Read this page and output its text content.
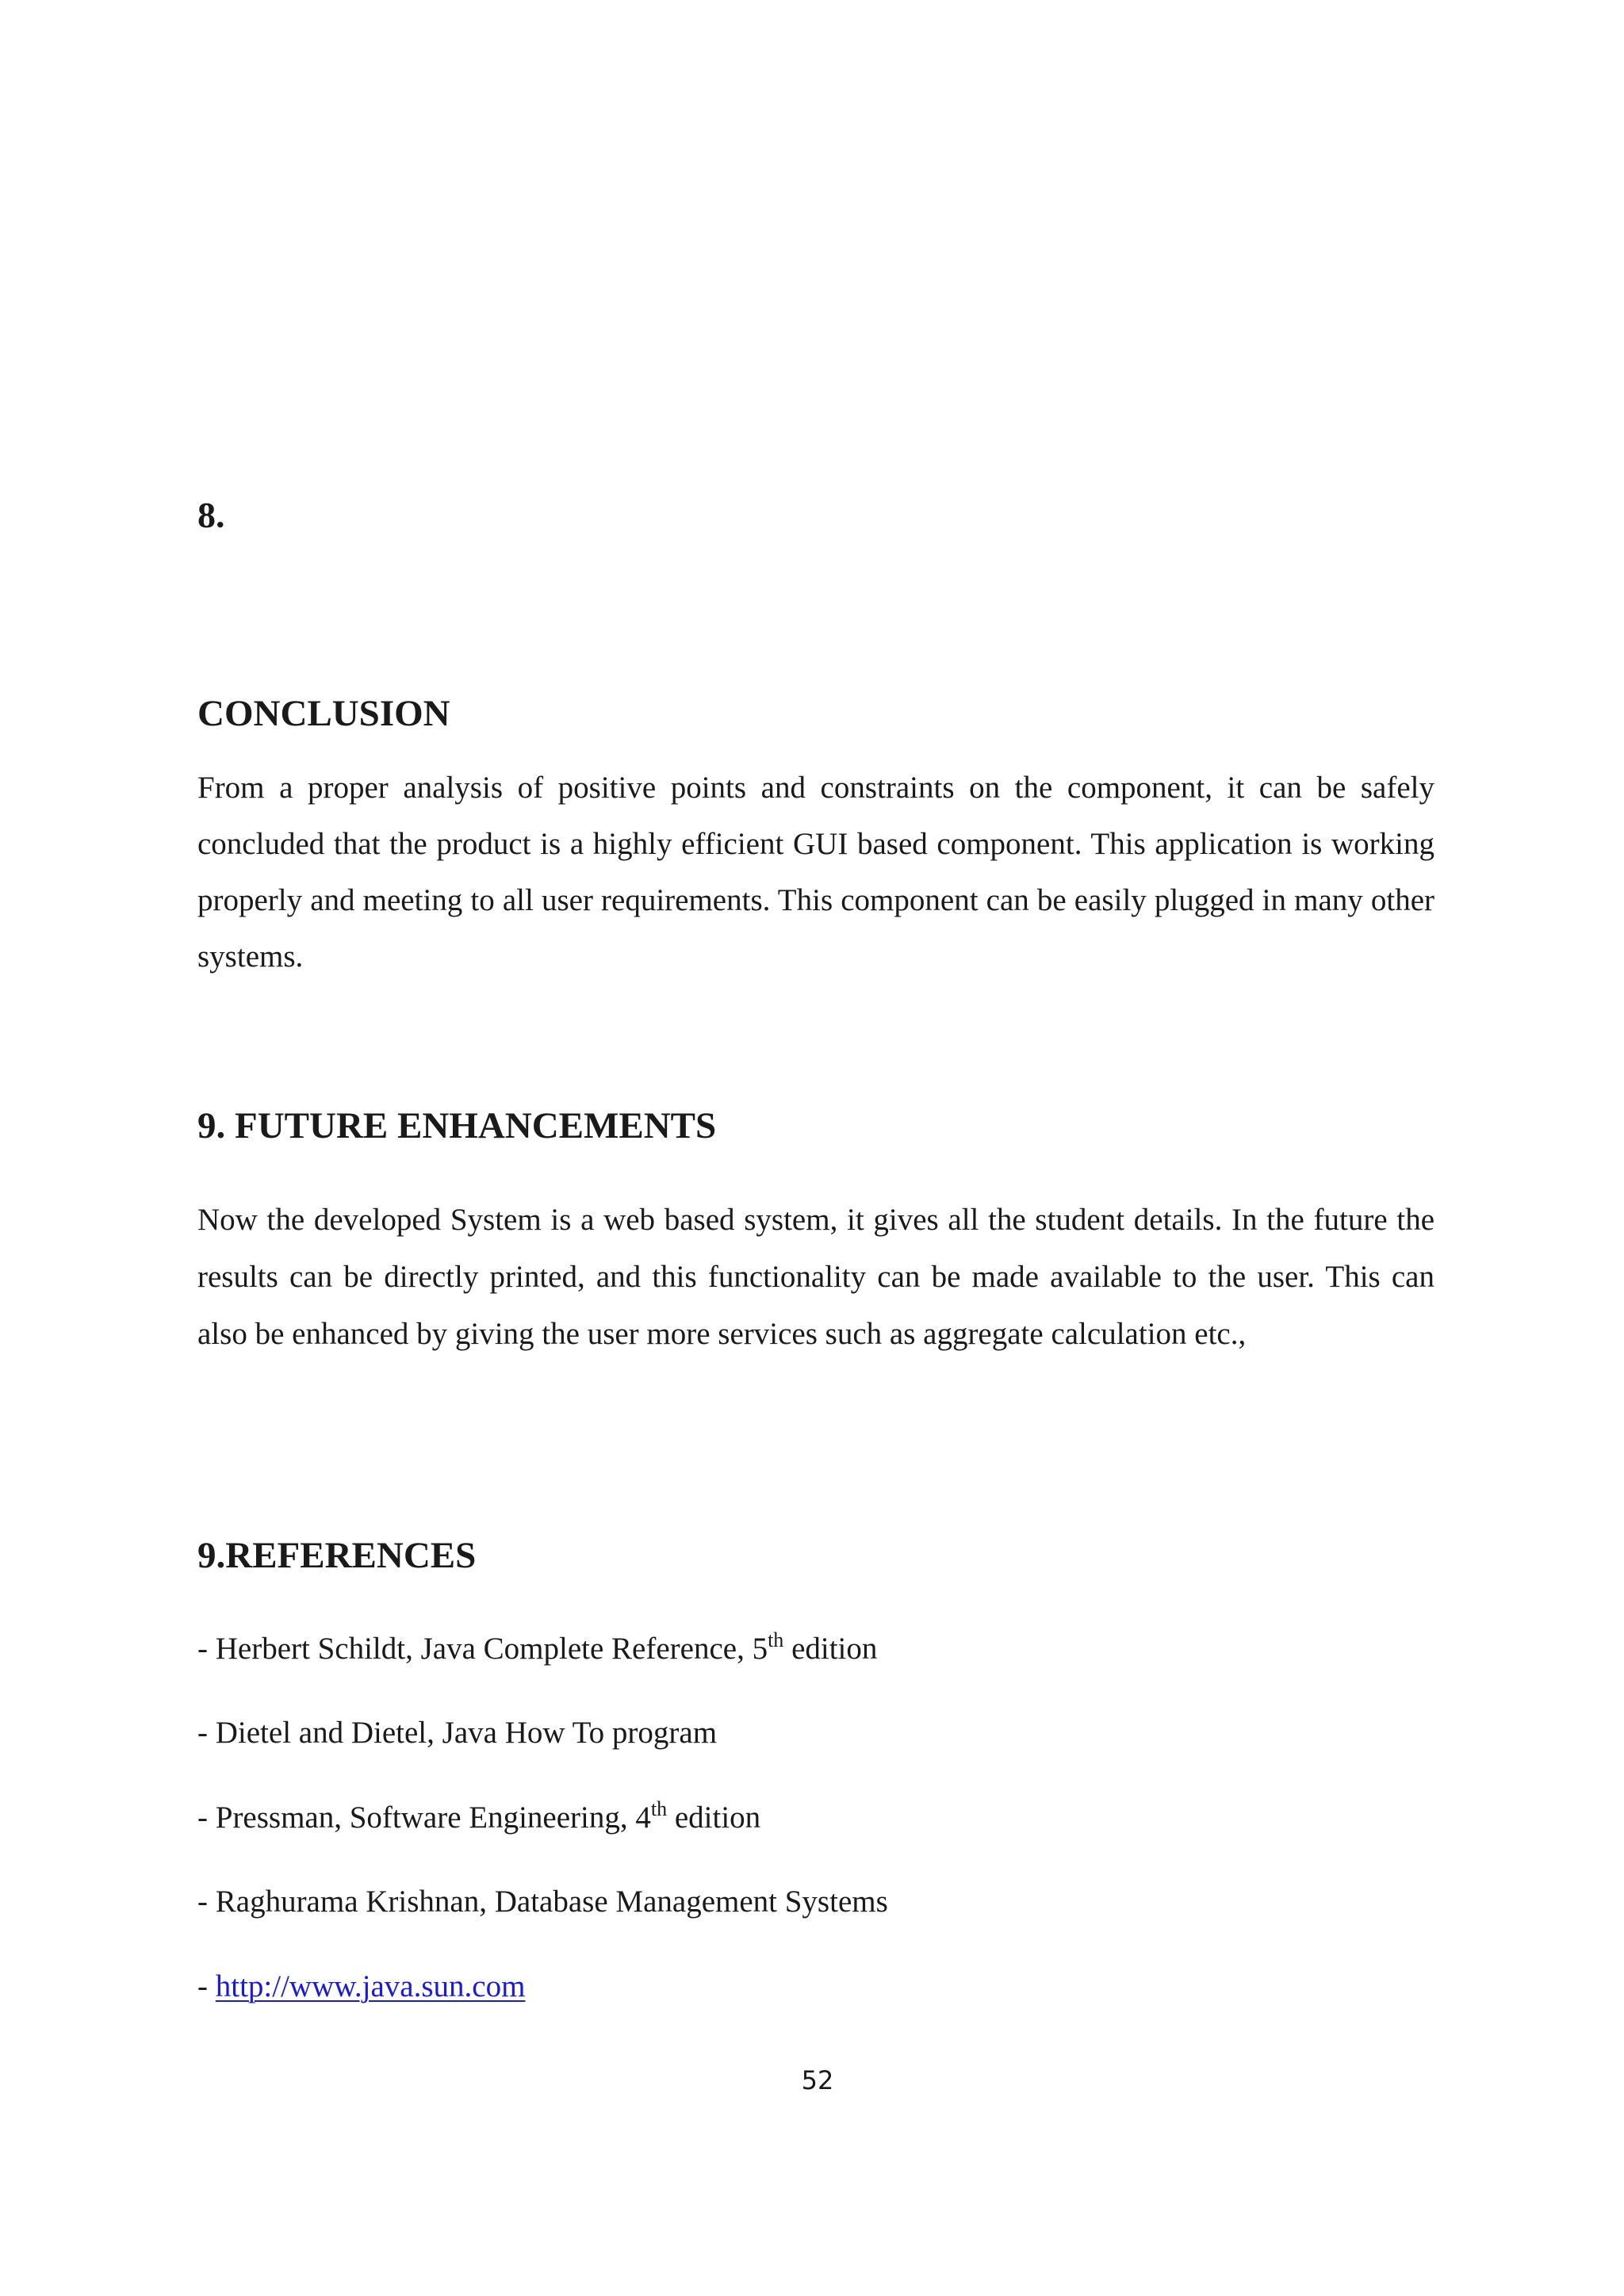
8.
CONCLUSION
From a proper analysis of positive points and constraints on the component, it can be safely concluded that the product is a highly efficient GUI based component. This application is working properly and meeting to all user requirements. This component can be easily plugged in many other systems.
9. FUTURE ENHANCEMENTS
Now the developed System is a web based system, it gives all the student details. In the future the results can be directly printed, and this functionality can be made available to the user. This can also be enhanced by giving the user more services such as aggregate calculation etc.,
9.REFERENCES
- Herbert Schildt, Java Complete Reference, 5th edition
- Dietel and Dietel, Java How To program
- Pressman, Software Engineering, 4th edition
- Raghurama Krishnan, Database Management Systems
- http://www.java.sun.com
52
